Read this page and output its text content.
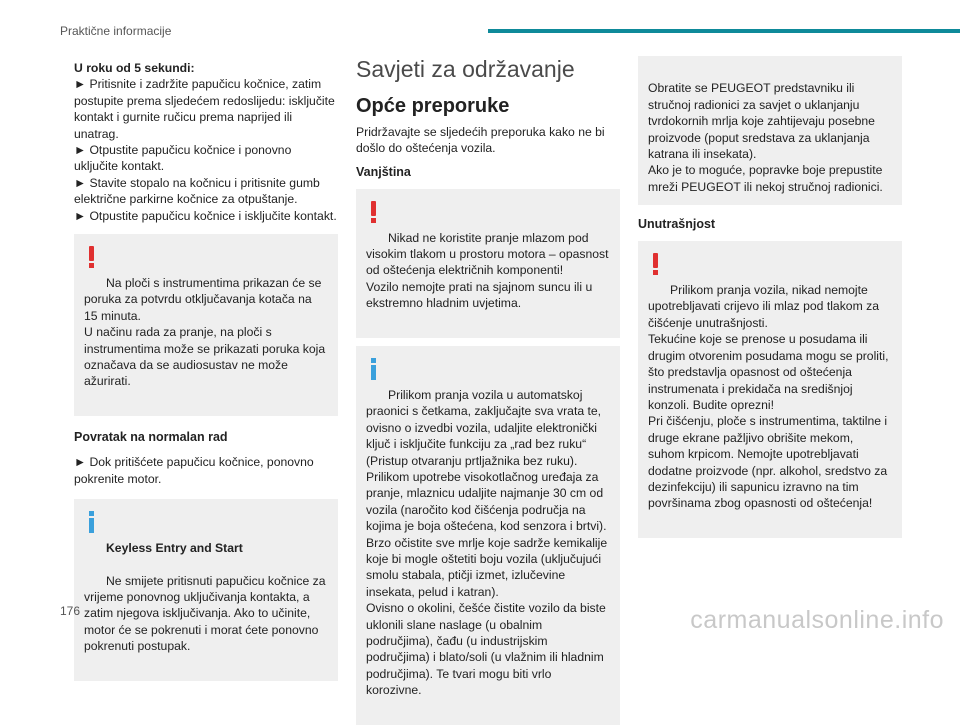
Praktične informacije

U roku od 5 sekundi:

► Pritisnite i zadržite papučicu kočnice, zatim postupite prema sljedećem redoslijedu: isključite kontakt i gurnite ručicu prema naprijed ili unatrag.
► Otpustite papučicu kočnice i ponovno uključite kontakt.
► Stavite stopalo na kočnicu i pritisnite gumb električne parkirne kočnice za otpuštanje.
► Otpustite papučicu kočnice i isključite kontakt.

Na ploči s instrumentima prikazan će se poruka za potvrdu otključavanja kotača na 15 minuta.
U načinu rada za pranje, na ploči s instrumentima može se prikazati poruka koja označava da se audiosustav ne može ažurirati.

Povratak na normalan rad

► Dok pritišćete papučicu kočnice, ponovno pokrenite motor.

Keyless Entry and Start

Ne smijete pritisnuti papučicu kočnice za vrijeme ponovnog uključivanja kontakta, a zatim njegova isključivanja. Ako to učinite, motor će se pokrenuti i morat ćete ponovno pokrenuti postupak.

Savjeti za održavanje

Opće preporuke

Pridržavajte se sljedećih preporuka kako ne bi došlo do oštećenja vozila.

Vanjština

Nikad ne koristite pranje mlazom pod visokim tlakom u prostoru motora – opasnost od oštećenja električnih komponenti!
Vozilo nemojte prati na sjajnom suncu ili u ekstremno hladnim uvjetima.

Prilikom pranja vozila u automatskoj praonici s četkama, zaključajte sva vrata te, ovisno o izvedbi vozila, udaljite elektronički ključ i isključite funkciju za „rad bez ruku“ (Pristup otvaranju prtljažnika bez ruku).
Prilikom upotrebe visokotlačnog uređaja za pranje, mlaznicu udaljite najmanje 30 cm od vozila (naročito kod čišćenja područja na kojima je boja oštećena, kod senzora i brtvi).
Brzo očistite sve mrlje koje sadrže kemikalije koje bi mogle oštetiti boju vozila (uključujući smolu stabala, ptičji izmet, izlučevine insekata, pelud i katran).
Ovisno o okolini, češće čistite vozilo da biste uklonili slane naslage (u obalnim područjima), čađu (u industrijskim područjima) i blato/soli (u vlažnim ili hladnim područjima). Te tvari mogu biti vrlo korozivne.

Obratite se PEUGEOT predstavniku ili stručnoj radionici za savjet o uklanjanju tvrdokornih mrlja koje zahtijevaju posebne proizvode (poput sredstava za uklanjanja katrana ili insekata).
Ako je to moguće, popravke boje prepustite mreži PEUGEOT ili nekoj stručnoj radionici.

Unutrašnjost

Prilikom pranja vozila, nikad nemojte upotrebljavati crijevo ili mlaz pod tlakom za čišćenje unutrašnjosti.
Tekućine koje se prenose u posudama ili drugim otvorenim posudama mogu se proliti, što predstavlja opasnost od oštećenja instrumenata i prekidača na središnjoj konzoli. Budite oprezni!
Pri čišćenju, ploče s instrumentima, taktilne i druge ekrane pažljivo obrišite mekom, suhom krpicom. Nemojte upotrebljavati dodatne proizvode (npr. alkohol, sredstvo za dezinfekciju) ili sapunicu izravno na tim površinama zbog opasnosti od oštećenja!

176	carmanualsonline.info
